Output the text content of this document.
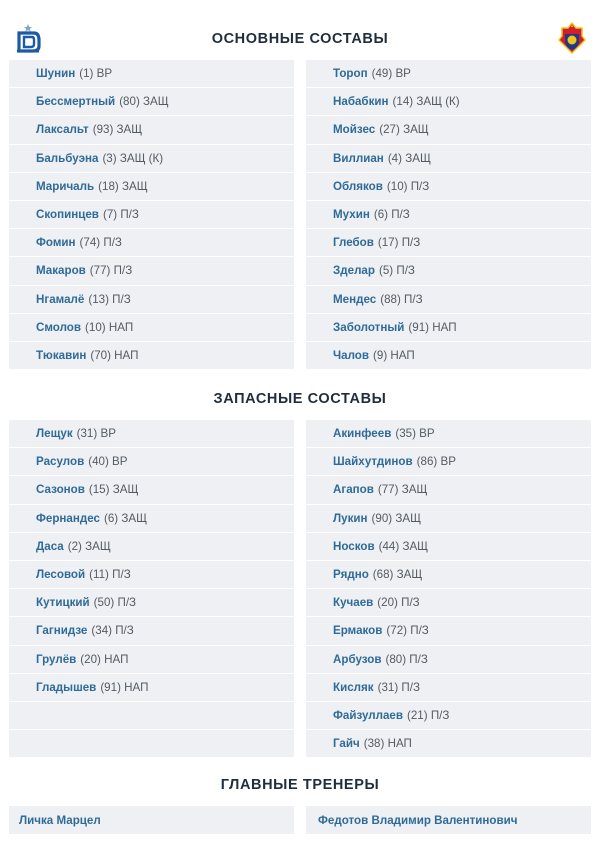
ОСНОВНЫЕ СОСТАВЫ
ЗАПАСНЫЕ СОСТАВЫ
ГЛАВНЫЕ ТРЕНЕРЫ
Шунин (1) ВР
Бессмертный (80) ЗАЩ
Лаксальт (93) ЗАЩ
Бальбуэна (3) ЗАЩ (К)
Маричаль (18) ЗАЩ
Скопинцев (7) П/З
Фомин (74) П/З
Макаров (77) П/З
Нгамалё (13) П/З
Смолов (10) НАП
Тюкавин (70) НАП
Тороп (49) ВР
Набабкин (14) ЗАЩ (К)
Мойзес (27) ЗАЩ
Виллиан (4) ЗАЩ
Обляков (10) П/З
Мухин (6) П/З
Глебов (17) П/З
Зделар (5) П/З
Мендес (88) П/З
Заболотный (91) НАП
Чалов (9) НАП
Лещук (31) ВР
Расулов (40) ВР
Сазонов (15) ЗАЩ
Фернандес (6) ЗАЩ
Даса (2) ЗАЩ
Лесовой (11) П/З
Кутицкий (50) П/З
Гагнидзе (34) П/З
Грулёв (20) НАП
Гладышев (91) НАП
Акинфеев (35) ВР
Шайхутдинов (86) ВР
Агапов (77) ЗАЩ
Лукин (90) ЗАЩ
Носков (44) ЗАЩ
Рядно (68) ЗАЩ
Кучаев (20) П/З
Ермаков (72) П/З
Арбузов (80) П/З
Кисляк (31) П/З
Файзуллаев (21) П/З
Гайч (38) НАП
Личка Марцел	Федотов Владимир Валентинович
